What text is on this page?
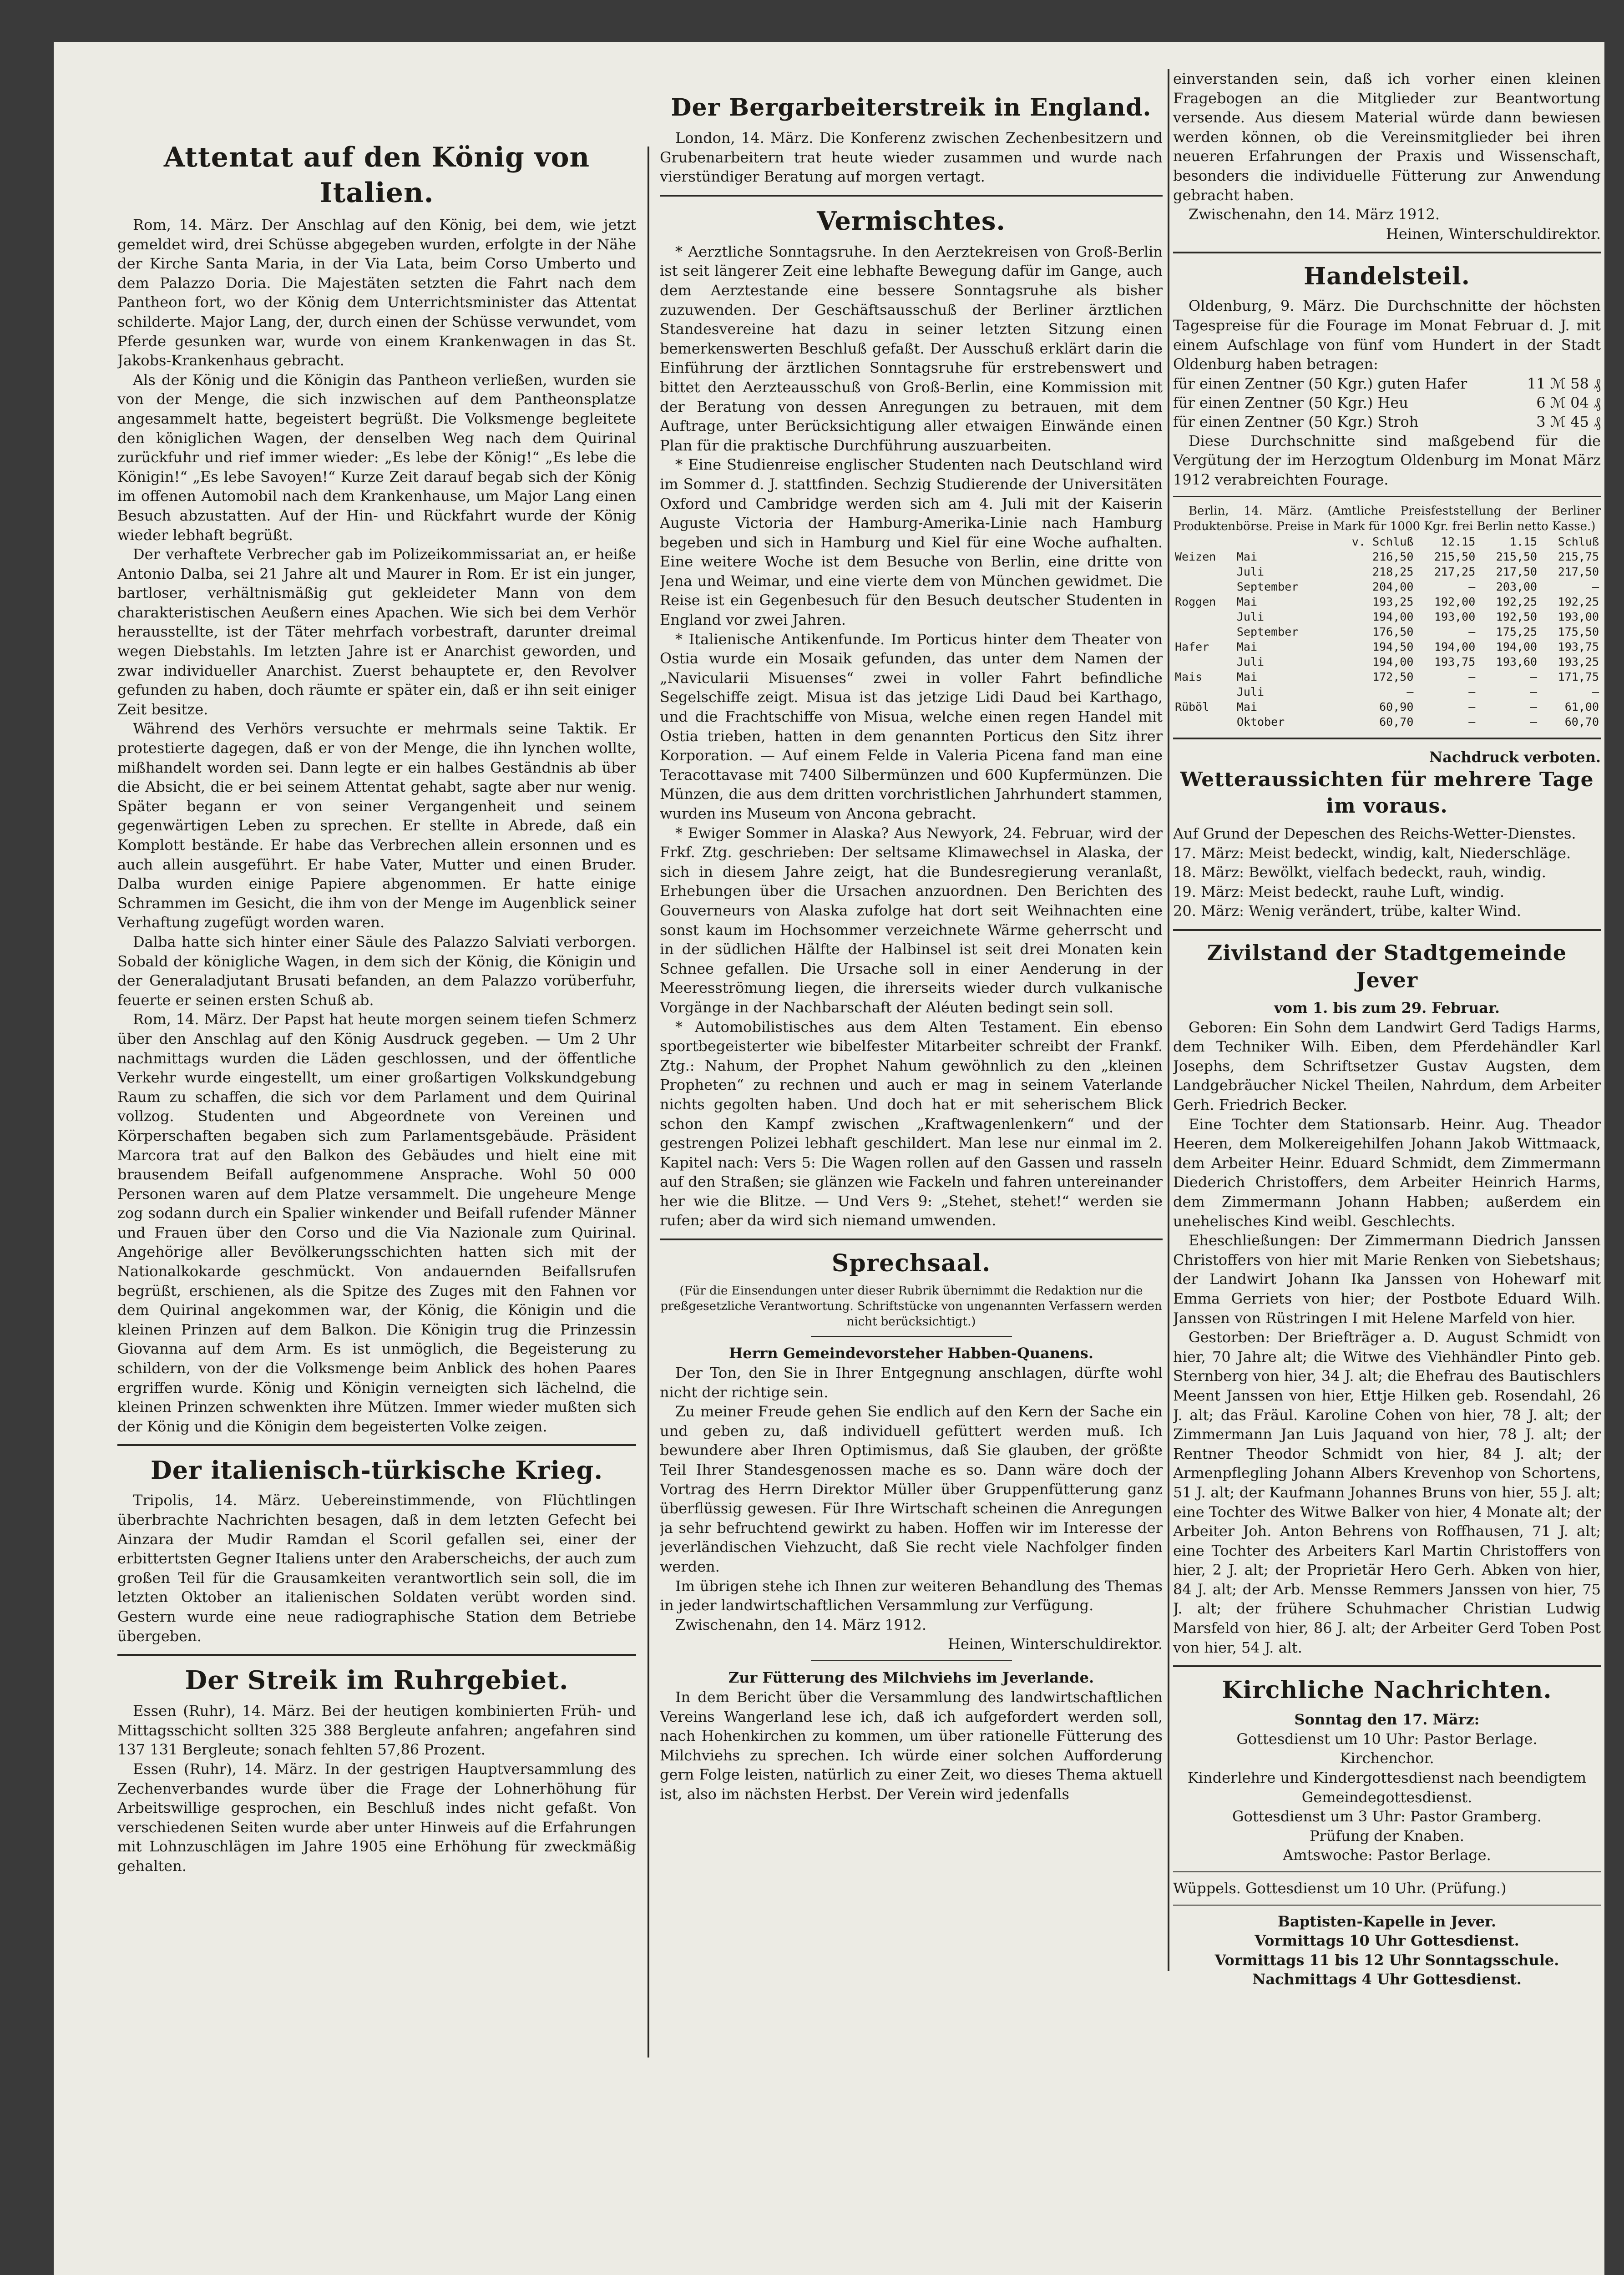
Attentat auf den König von Italien.

Rom, 14. März. Der Anschlag auf den König, bei dem, wie jetzt gemeldet wird, drei Schüsse abgegeben wurden, erfolgte in der Nähe der Kirche Santa Maria, in der Via Lata, beim Corso Umberto und dem Palazzo Doria. Die Majestäten setzten die Fahrt nach dem Pantheon fort, wo der König dem Unterrichtsminister das Attentat schilderte. Major Lang, der, durch einen der Schüsse verwundet, vom Pferde gesunken war, wurde von einem Krankenwagen in das St. Jakobs-Krankenhaus gebracht.

Als der König und die Königin das Pantheon verließen, wurden sie von der Menge, die sich inzwischen auf dem Pantheonsplatze angesammelt hatte, begeistert begrüßt. Die Volksmenge begleitete den königlichen Wagen, der denselben Weg nach dem Quirinal zurückfuhr und rief immer wieder: „Es lebe der König!“ „Es lebe die Königin!“ „Es lebe Savoyen!“ Kurze Zeit darauf begab sich der König im offenen Automobil nach dem Krankenhause, um Major Lang einen Besuch abzustatten. Auf der Hin- und Rückfahrt wurde der König wieder lebhaft begrüßt.

Der verhaftete Verbrecher gab im Polizeikommissariat an, er heiße Antonio Dalba, sei 21 Jahre alt und Maurer in Rom. Er ist ein junger, bartloser, verhältnismäßig gut gekleideter Mann von dem charakteristischen Aeußern eines Apachen. Wie sich bei dem Verhör herausstellte, ist der Täter mehrfach vorbestraft, darunter dreimal wegen Diebstahls. Im letzten Jahre ist er Anarchist geworden, und zwar individueller Anarchist. Zuerst behauptete er, den Revolver gefunden zu haben, doch räumte er später ein, daß er ihn seit einiger Zeit besitze.

Während des Verhörs versuchte er mehrmals seine Taktik. Er protestierte dagegen, daß er von der Menge, die ihn lynchen wollte, mißhandelt worden sei. Dann legte er ein halbes Geständnis ab über die Absicht, die er bei seinem Attentat gehabt, sagte aber nur wenig. Später begann er von seiner Vergangenheit und seinem gegenwärtigen Leben zu sprechen. Er stellte in Abrede, daß ein Komplott bestände. Er habe das Verbrechen allein ersonnen und es auch allein ausgeführt. Er habe Vater, Mutter und einen Bruder. Dalba wurden einige Papiere abgenommen. Er hatte einige Schrammen im Gesicht, die ihm von der Menge im Augenblick seiner Verhaftung zugefügt worden waren.

Dalba hatte sich hinter einer Säule des Palazzo Salviati verborgen. Sobald der königliche Wagen, in dem sich der König, die Königin und der Generaladjutant Brusati befanden, an dem Palazzo vorüberfuhr, feuerte er seinen ersten Schuß ab.

Rom, 14. März. Der Papst hat heute morgen seinem tiefen Schmerz über den Anschlag auf den König Ausdruck gegeben. — Um 2 Uhr nachmittags wurden die Läden geschlossen, und der öffentliche Verkehr wurde eingestellt, um einer großartigen Volkskundgebung Raum zu schaffen, die sich vor dem Parlament und dem Quirinal vollzog. Studenten und Abgeordnete von Vereinen und Körperschaften begaben sich zum Parlamentsgebäude. Präsident Marcora trat auf den Balkon des Gebäudes und hielt eine mit brausendem Beifall aufgenommene Ansprache. Wohl 50 000 Personen waren auf dem Platze versammelt. Die ungeheure Menge zog sodann durch ein Spalier winkender und Beifall rufender Männer und Frauen über den Corso und die Via Nazionale zum Quirinal. Angehörige aller Bevölkerungsschichten hatten sich mit der Nationalkokarde geschmückt. Von andauernden Beifallsrufen begrüßt, erschienen, als die Spitze des Zuges mit den Fahnen vor dem Quirinal angekommen war, der König, die Königin und die kleinen Prinzen auf dem Balkon. Die Königin trug die Prinzessin Giovanna auf dem Arm. Es ist unmöglich, die Begeisterung zu schildern, von der die Volksmenge beim Anblick des hohen Paares ergriffen wurde. König und Königin verneigten sich lächelnd, die kleinen Prinzen schwenkten ihre Mützen. Immer wieder mußten sich der König und die Königin dem begeisterten Volke zeigen.

Der italienisch-türkische Krieg.

Tripolis, 14. März. Uebereinstimmende, von Flüchtlingen überbrachte Nachrichten besagen, daß in dem letzten Gefecht bei Ainzara der Mudir Ramdan el Scoril gefallen sei, einer der erbittertsten Gegner Italiens unter den Araberscheichs, der auch zum großen Teil für die Grausamkeiten verantwortlich sein soll, die im letzten Oktober an italienischen Soldaten verübt worden sind. Gestern wurde eine neue radiographische Station dem Betriebe übergeben.

Der Streik im Ruhrgebiet.

Essen (Ruhr), 14. März. Bei der heutigen kombinierten Früh- und Mittagsschicht sollten 325 388 Bergleute anfahren; angefahren sind 137 131 Bergleute; sonach fehlten 57,86 Prozent.

Essen (Ruhr), 14. März. In der gestrigen Hauptversammlung des Zechenverbandes wurde über die Frage der Lohnerhöhung für Arbeitswillige gesprochen, ein Beschluß indes nicht gefaßt. Von verschiedenen Seiten wurde aber unter Hinweis auf die Erfahrungen mit Lohnzuschlägen im Jahre 1905 eine Erhöhung für zweckmäßig gehalten.

Der Bergarbeiterstreik in England.

London, 14. März. Die Konferenz zwischen Zechenbesitzern und Grubenarbeitern trat heute wieder zusammen und wurde nach vierstündiger Beratung auf morgen vertagt.

Vermischtes.

* Aerztliche Sonntagsruhe. In den Aerztekreisen von Groß-Berlin ist seit längerer Zeit eine lebhafte Bewegung dafür im Gange, auch dem Aerztestande eine bessere Sonntagsruhe als bisher zuzuwenden. Der Geschäftsausschuß der Berliner ärztlichen Standesvereine hat dazu in seiner letzten Sitzung einen bemerkenswerten Beschluß gefaßt. Der Ausschuß erklärt darin die Einführung der ärztlichen Sonntagsruhe für erstrebenswert und bittet den Aerzteausschuß von Groß-Berlin, eine Kommission mit der Beratung von dessen Anregungen zu betrauen, mit dem Auftrage, unter Berücksichtigung aller etwaigen Einwände einen Plan für die praktische Durchführung auszuarbeiten.

* Eine Studienreise englischer Studenten nach Deutschland wird im Sommer d. J. stattfinden. Sechzig Studierende der Universitäten Oxford und Cambridge werden sich am 4. Juli mit der Kaiserin Auguste Victoria der Hamburg-Amerika-Linie nach Hamburg begeben und sich in Hamburg und Kiel für eine Woche aufhalten. Eine weitere Woche ist dem Besuche von Berlin, eine dritte von Jena und Weimar, und eine vierte dem von München gewidmet. Die Reise ist ein Gegenbesuch für den Besuch deutscher Studenten in England vor zwei Jahren.

* Italienische Antikenfunde. Im Porticus hinter dem Theater von Ostia wurde ein Mosaik gefunden, das unter dem Namen der „Navicularii Misuenses“ zwei in voller Fahrt befindliche Segelschiffe zeigt. Misua ist das jetzige Lidi Daud bei Karthago, und die Frachtschiffe von Misua, welche einen regen Handel mit Ostia trieben, hatten in dem genannten Porticus den Sitz ihrer Korporation. — Auf einem Felde in Valeria Picena fand man eine Teracottavase mit 7400 Silbermünzen und 600 Kupfermünzen. Die Münzen, die aus dem dritten vorchristlichen Jahrhundert stammen, wurden ins Museum von Ancona gebracht.

* Ewiger Sommer in Alaska? Aus Newyork, 24. Februar, wird der Frkf. Ztg. geschrieben: Der seltsame Klimawechsel in Alaska, der sich in diesem Jahre zeigt, hat die Bundesregierung veranlaßt, Erhebungen über die Ursachen anzuordnen. Den Berichten des Gouverneurs von Alaska zufolge hat dort seit Weihnachten eine sonst kaum im Hochsommer verzeichnete Wärme geherrscht und in der südlichen Hälfte der Halbinsel ist seit drei Monaten kein Schnee gefallen. Die Ursache soll in einer Aenderung in der Meeresströmung liegen, die ihrerseits wieder durch vulkanische Vorgänge in der Nachbarschaft der Aléuten bedingt sein soll.

* Automobilistisches aus dem Alten Testament. Ein ebenso sportbegeisterter wie bibelfester Mitarbeiter schreibt der Frankf. Ztg.: Nahum, der Prophet Nahum gewöhnlich zu den „kleinen Propheten“ zu rechnen und auch er mag in seinem Vaterlande nichts gegolten haben. Und doch hat er mit seherischem Blick schon den Kampf zwischen „Kraftwagenlenkern“ und der gestrengen Polizei lebhaft geschildert. Man lese nur einmal im 2. Kapitel nach: Vers 5: Die Wagen rollen auf den Gassen und rasseln auf den Straßen; sie glänzen wie Fackeln und fahren untereinander her wie die Blitze. — Und Vers 9: „Stehet, stehet!“ werden sie rufen; aber da wird sich niemand umwenden.

Sprechsaal.

(Für die Einsendungen unter dieser Rubrik übernimmt die Redaktion nur die preßgesetzliche Verantwortung. Schriftstücke von ungenannten Verfassern werden nicht berücksichtigt.)

Herrn Gemeindevorsteher Habben-Quanens.

Der Ton, den Sie in Ihrer Entgegnung anschlagen, dürfte wohl nicht der richtige sein.

Zu meiner Freude gehen Sie endlich auf den Kern der Sache ein und geben zu, daß individuell gefüttert werden muß. Ich bewundere aber Ihren Optimismus, daß Sie glauben, der größte Teil Ihrer Standesgenossen mache es so. Dann wäre doch der Vortrag des Herrn Direktor Müller über Gruppenfütterung ganz überflüssig gewesen. Für Ihre Wirtschaft scheinen die Anregungen ja sehr befruchtend gewirkt zu haben. Hoffen wir im Interesse der jeverländischen Viehzucht, daß Sie recht viele Nachfolger finden werden.

Im übrigen stehe ich Ihnen zur weiteren Behandlung des Themas in jeder landwirtschaftlichen Versammlung zur Verfügung.

Zwischenahn, den 14. März 1912.

Heinen, Winterschuldirektor.

Zur Fütterung des Milchviehs im Jeverlande.

In dem Bericht über die Versammlung des landwirtschaftlichen Vereins Wangerland lese ich, daß ich aufgefordert werden soll, nach Hohenkirchen zu kommen, um über rationelle Fütterung des Milchviehs zu sprechen. Ich würde einer solchen Aufforderung gern Folge leisten, natürlich zu einer Zeit, wo dieses Thema aktuell ist, also im nächsten Herbst. Der Verein wird jedenfalls

einverstanden sein, daß ich vorher einen kleinen Fragebogen an die Mitglieder zur Beantwortung versende. Aus diesem Material würde dann bewiesen werden können, ob die Vereinsmitglieder bei ihren neueren Erfahrungen der Praxis und Wissenschaft, besonders die individuelle Fütterung zur Anwendung gebracht haben.

Zwischenahn, den 14. März 1912.

Heinen, Winterschuldirektor.

Handelsteil.

Oldenburg, 9. März. Die Durchschnitte der höchsten Tagespreise für die Fourage im Monat Februar d. J. mit einem Aufschlage von fünf vom Hundert in der Stadt Oldenburg haben betragen:

für einen Zentner (50 Kgr.) guten Hafer	11 ℳ 58 ₰
für einen Zentner (50 Kgr.) Heu	6 ℳ 04 ₰
für einen Zentner (50 Kgr.) Stroh	3 ℳ 45 ₰

Diese Durchschnitte sind maßgebend für die Vergütung der im Herzogtum Oldenburg im Monat März 1912 verabreichten Fourage.

Berlin, 14. März. (Amtliche Preisfeststellung der Berliner Produktenbörse. Preise in Mark für 1000 Kgr. frei Berlin netto Kasse.)

		v. Schluß	12.15	1.15	Schluß
Weizen	Mai	216,50	215,50	215,50	215,75
	Juli	218,25	217,25	217,50	217,50
	September	204,00	—	203,00	—
Roggen	Mai	193,25	192,00	192,25	192,25
	Juli	194,00	193,00	192,50	193,00
	September	176,50	—	175,25	175,50
Hafer	Mai	194,50	194,00	194,00	193,75
	Juli	194,00	193,75	193,60	193,25
Mais	Mai	172,50	—	—	171,75
	Juli	—	—	—	—
Rüböl	Mai	60,90	—	—	61,00
	Oktober	60,70	—	—	60,70

Nachdruck verboten.

Wetteraussichten für mehrere Tage im voraus.

Auf Grund der Depeschen des Reichs-Wetter-Dienstes.

17. März: Meist bedeckt, windig, kalt, Niederschläge.

18. März: Bewölkt, vielfach bedeckt, rauh, windig.

19. März: Meist bedeckt, rauhe Luft, windig.

20. März: Wenig verändert, trübe, kalter Wind.

Zivilstand der Stadtgemeinde Jever

vom 1. bis zum 29. Februar.

Geboren: Ein Sohn dem Landwirt Gerd Tadigs Harms, dem Techniker Wilh. Eiben, dem Pferdehändler Karl Josephs, dem Schriftsetzer Gustav Augsten, dem Landgebräucher Nickel Theilen, Nahrdum, dem Arbeiter Gerh. Friedrich Becker.

Eine Tochter dem Stationsarb. Heinr. Aug. Theador Heeren, dem Molkereigehilfen Johann Jakob Wittmaack, dem Arbeiter Heinr. Eduard Schmidt, dem Zimmermann Diederich Christoffers, dem Arbeiter Heinrich Harms, dem Zimmermann Johann Habben; außerdem ein unehelisches Kind weibl. Geschlechts.

Eheschließungen: Der Zimmermann Diedrich Janssen Christoffers von hier mit Marie Renken von Siebetshaus; der Landwirt Johann Ika Janssen von Hohewarf mit Emma Gerriets von hier; der Postbote Eduard Wilh. Janssen von Rüstringen I mit Helene Marfeld von hier.

Gestorben: Der Briefträger a. D. August Schmidt von hier, 70 Jahre alt; die Witwe des Viehhändler Pinto geb. Sternberg von hier, 34 J. alt; die Ehefrau des Bautischlers Meent Janssen von hier, Ettje Hilken geb. Rosendahl, 26 J. alt; das Fräul. Karoline Cohen von hier, 78 J. alt; der Zimmermann Jan Luis Jaquand von hier, 78 J. alt; der Rentner Theodor Schmidt von hier, 84 J. alt; der Armenpflegling Johann Albers Krevenhop von Schortens, 51 J. alt; der Kaufmann Johannes Bruns von hier, 55 J. alt; eine Tochter des Witwe Balker von hier, 4 Monate alt; der Arbeiter Joh. Anton Behrens von Roffhausen, 71 J. alt; eine Tochter des Arbeiters Karl Martin Christoffers von hier, 2 J. alt; der Proprietär Hero Gerh. Abken von hier, 84 J. alt; der Arb. Mensse Remmers Janssen von hier, 75 J. alt; der frühere Schuhmacher Christian Ludwig Marsfeld von hier, 86 J. alt; der Arbeiter Gerd Toben Post von hier, 54 J. alt.

Kirchliche Nachrichten.

Sonntag den 17. März:

Gottesdienst um 10 Uhr: Pastor Berlage.

Kirchenchor.

Kinderlehre und Kindergottesdienst nach beendigtem Gemeindegottesdienst.

Gottesdienst um 3 Uhr: Pastor Gramberg.

Prüfung der Knaben.

Amtswoche: Pastor Berlage.

Wüppels. Gottesdienst um 10 Uhr. (Prüfung.)

Baptisten-Kapelle in Jever.

Vormittags 10 Uhr Gottesdienst.

Vormittags 11 bis 12 Uhr Sonntagsschule.

Nachmittags 4 Uhr Gottesdienst.
